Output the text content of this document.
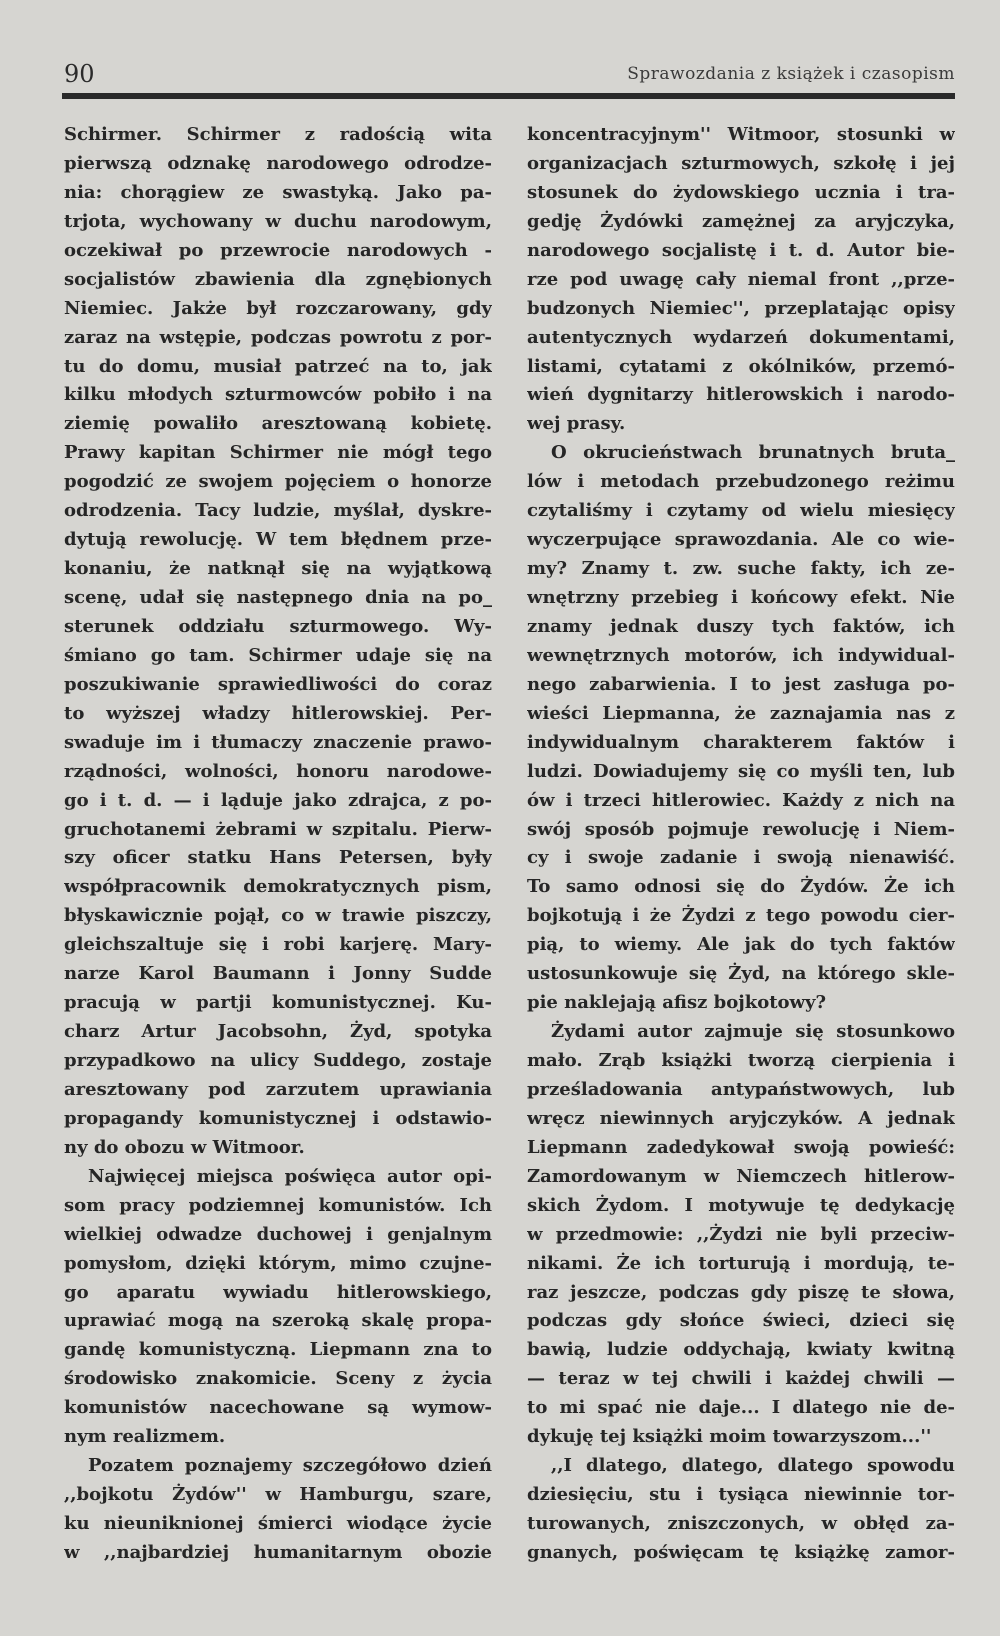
90	Sprawozdania z książek i czasopism
Schirmer. Schirmer z radością wita
pierwszą odznakę narodowego odrodze-
nia: chorągiew ze swastyką. Jako pa-
trjota, wychowany w duchu narodowym,
oczekiwał po przewrocie narodowych -
socjalistów zbawienia dla zgnębionych
Niemiec. Jakże był rozczarowany, gdy
zaraz na wstępie, podczas powrotu z por-
tu do domu, musiał patrzeć na to, jak
kilku młodych szturmowców pobiło i na
ziemię powaliło aresztowaną kobietę.
Prawy kapitan Schirmer nie mógł tego
pogodzić ze swojem pojęciem o honorze
odrodzenia. Tacy ludzie, myślał, dyskre-
dytują rewolucję. W tem błędnem prze-
konaniu, że natknął się na wyjątkową
scenę, udał się następnego dnia na po_
sterunek oddziału szturmowego. Wy-
śmiano go tam. Schirmer udaje się na
poszukiwanie sprawiedliwości do coraz
to wyższej władzy hitlerowskiej. Per-
swaduje im i tłumaczy znaczenie prawo-
rządności, wolności, honoru narodowe-
go i t. d. — i ląduje jako zdrajca, z po-
gruchotanemi żebrami w szpitalu. Pierw-
szy oficer statku Hans Petersen, były
współpracownik demokratycznych pism,
błyskawicznie pojął, co w trawie piszczy,
gleichszaltuje się i robi karjerę. Mary-
narze Karol Baumann i Jonny Sudde
pracują w partji komunistycznej. Ku-
charz Artur Jacobsohn, Żyd, spotyka
przypadkowo na ulicy Suddego, zostaje
aresztowany pod zarzutem uprawiania
propagandy komunistycznej i odstawio-
ny do obozu w Witmoor.
Najwięcej miejsca poświęca autor opi-
som pracy podziemnej komunistów. Ich
wielkiej odwadze duchowej i genjalnym
pomysłom, dzięki którym, mimo czujne-
go aparatu wywiadu hitlerowskiego,
uprawiać mogą na szeroką skalę propa-
gandę komunistyczną. Liepmann zna to
środowisko znakomicie. Sceny z życia
komunistów nacechowane są wymow-
nym realizmem.
Pozatem poznajemy szczegółowo dzień
,,bojkotu Żydów'' w Hamburgu, szare,
ku nieuniknionej śmierci wiodące życie
w ,,najbardziej humanitarnym obozie
koncentracyjnym'' Witmoor, stosunki w
organizacjach szturmowych, szkołę i jej
stosunek do żydowskiego ucznia i tra-
gedję Żydówki zamężnej za aryjczyka,
narodowego socjalistę i t. d. Autor bie-
rze pod uwagę cały niemal front ,,prze-
budzonych Niemiec'', przeplatając opisy
autentycznych wydarzeń dokumentami,
listami, cytatami z okólników, przemó-
wień dygnitarzy hitlerowskich i narodo-
wej prasy.
O okrucieństwach brunatnych bruta_
lów i metodach przebudzonego reżimu
czytaliśmy i czytamy od wielu miesięcy
wyczerpujące sprawozdania. Ale co wie-
my? Znamy t. zw. suche fakty, ich ze-
wnętrzny przebieg i końcowy efekt. Nie
znamy jednak duszy tych faktów, ich
wewnętrznych motorów, ich indywidual-
nego zabarwienia. I to jest zasługa po-
wieści Liepmanna, że zaznajamia nas z
indywidualnym charakterem faktów i
ludzi. Dowiadujemy się co myśli ten, lub
ów i trzeci hitlerowiec. Każdy z nich na
swój sposób pojmuje rewolucję i Niem-
cy i swoje zadanie i swoją nienawiść.
To samo odnosi się do Żydów. Że ich
bojkotują i że Żydzi z tego powodu cier-
pią, to wiemy. Ale jak do tych faktów
ustosunkowuje się Żyd, na którego skle-
pie naklejają afisz bojkotowy?
Żydami autor zajmuje się stosunkowo
mało. Zrąb książki tworzą cierpienia i
prześladowania antypaństwowych, lub
wręcz niewinnych aryjczyków. A jednak
Liepmann zadedykował swoją powieść:
Zamordowanym w Niemczech hitlerow-
skich Żydom. I motywuje tę dedykację
w przedmowie: ,,Żydzi nie byli przeciw-
nikami. Że ich torturują i mordują, te-
raz jeszcze, podczas gdy piszę te słowa,
podczas gdy słońce świeci, dzieci się
bawią, ludzie oddychają, kwiaty kwitną
— teraz w tej chwili i każdej chwili —
to mi spać nie daje... I dlatego nie de-
dykuję tej książki moim towarzyszom...''
,,I dlatego, dlatego, dlatego spowodu
dziesięciu, stu i tysiąca niewinnie tor-
turowanych, zniszczonych, w obłęd za-
gnanych, poświęcam tę książkę zamor-
